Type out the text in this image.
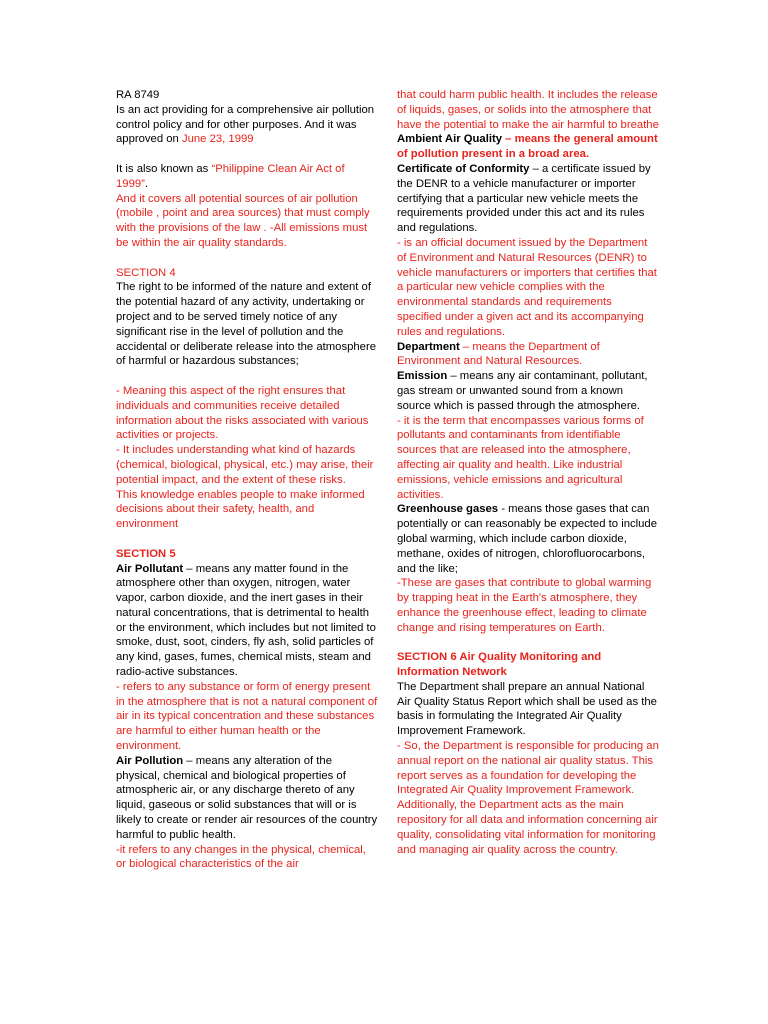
RA 8749

Is an act providing for a comprehensive air pollution control policy and for other purposes. And it was approved on June 23, 1999

It is also known as “Philippine Clean Air Act of 1999”.

And it covers all potential sources of air pollution (mobile , point and area sources) that must comply with the provisions of the law . -All emissions must be within the air quality standards.

SECTION 4

The right to be informed of the nature and extent of the potential hazard of any activity, undertaking or project and to be served timely notice of any significant rise in the level of pollution and the accidental or deliberate release into the atmosphere of harmful or hazardous substances;

- Meaning this aspect of the right ensures that individuals and communities receive detailed information about the risks associated with various activities or projects.

- It includes understanding what kind of hazards (chemical, biological, physical, etc.) may arise, their potential impact, and the extent of these risks.

This knowledge enables people to make informed decisions about their safety, health, and environment

SECTION 5

Air Pollutant – means any matter found in the atmosphere other than oxygen, nitrogen, water vapor, carbon dioxide, and the inert gases in their natural concentrations, that is detrimental to health or the environment, which includes but not limited to smoke, dust, soot, cinders, fly ash, solid particles of any kind, gases, fumes, chemical mists, steam and radio-active substances.

- refers to any substance or form of energy present in the atmosphere that is not a natural component of air in its typical concentration and these substances are harmful to either human health or the environment.

Air Pollution – means any alteration of the physical, chemical and biological properties of atmospheric air, or any discharge thereto of any liquid, gaseous or solid substances that will or is likely to create or render air resources of the country harmful to public health.

-it refers to any changes in the physical, chemical, or biological characteristics of the air

that could harm public health. It includes the release of liquids, gases, or solids into the atmosphere that have the potential to make the air harmful to breathe

Ambient Air Quality – means the general amount of pollution present in a broad area.

Certificate of Conformity – a certificate issued by the DENR to a vehicle manufacturer or importer certifying that a particular new vehicle meets the requirements provided under this act and its rules and regulations.

- is an official document issued by the Department of Environment and Natural Resources (DENR) to vehicle manufacturers or importers that certifies that a particular new vehicle complies with the environmental standards and requirements specified under a given act and its accompanying rules and regulations.

Department – means the Department of Environment and Natural Resources.

Emission – means any air contaminant, pollutant, gas stream or unwanted sound from a known source which is passed through the atmosphere.

- it is the term that encompasses various forms of pollutants and contaminants from identifiable sources that are released into the atmosphere, affecting air quality and health. Like industrial emissions, vehicle emissions and agricultural activities.

Greenhouse gases - means those gases that can potentially or can reasonably be expected to include global warming, which include carbon dioxide, methane, oxides of nitrogen, chlorofluorocarbons, and the like;

-These are gases that contribute to global warming by trapping heat in the Earth's atmosphere, they enhance the greenhouse effect, leading to climate change and rising temperatures on Earth.

SECTION 6 Air Quality Monitoring and Information Network

The Department shall prepare an annual National Air Quality Status Report which shall be used as the basis in formulating the Integrated Air Quality Improvement Framework.

- So, the Department is responsible for producing an annual report on the national air quality status. This report serves as a foundation for developing the Integrated Air Quality Improvement Framework. Additionally, the Department acts as the main repository for all data and information concerning air quality, consolidating vital information for monitoring and managing air quality across the country.
